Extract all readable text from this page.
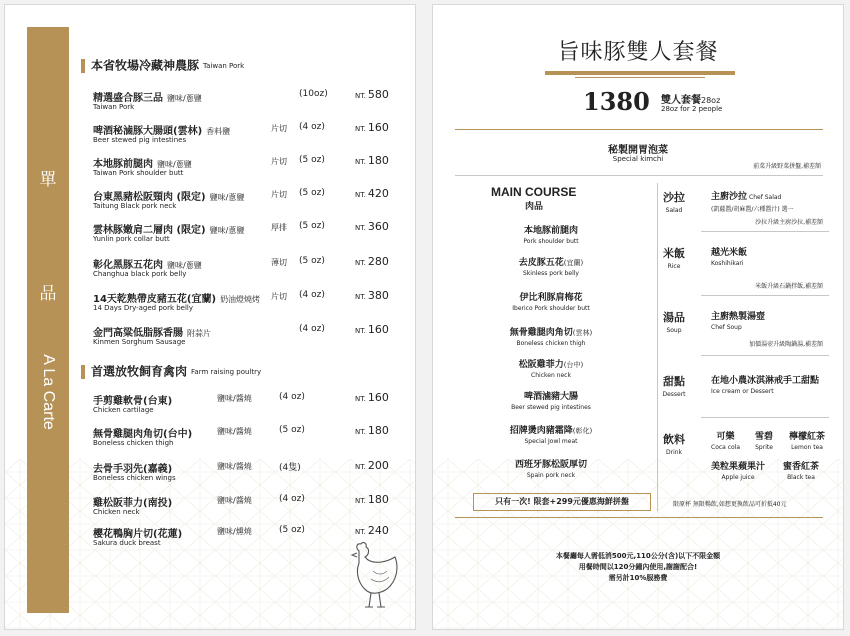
單
品
A La Carte
本省牧場冷藏神農豚 Taiwan Pork
精選盛合豚三品 鹽味/蔥鹽
Taiwan Pork
(10oz)	NT. 580
啤酒秘滷豚大腸頭(雲林) 香料鹽
Beer stewed pig intestines
片切 (4 oz)	NT. 160
本地豚前腿肉 鹽味/蔥鹽
Taiwan Pork shoulder butt
片切 (5 oz)	NT. 180
台東黑豬松阪頸肉 (限定) 鹽味/蔥鹽
Taitung Black pork neck
片切 (5 oz)	NT. 420
雲林豚嫩肩二層肉 (限定) 鹽味/蔥鹽
Yunlin pork collar butt
厚排 (5 oz)	NT. 360
彰化黑豚五花肉 鹽味/蔥鹽
Changhua black pork belly
薄切 (5 oz)	NT. 280
14天乾熟帶皮豬五花(宜蘭) 奶油燈燒烤
14 Days Dry-aged pork belly
片切 (4 oz)	NT. 380
金門高粱低脂豚香腸 附蒜片
Kinmen Sorghum Sausage
(4 oz)	NT. 160
首選放牧飼育禽肉 Farm raising poultry
手剪雞軟骨(台東)
Chicken cartilage
鹽味/醬燒	(4 oz)	NT. 160
無骨雞腿肉角切(台中)
Boneless chicken thigh
鹽味/醬燒	(5 oz)	NT. 180
去骨手羽先(嘉義)
Boneless chicken wings
鹽味/醬燒	(4隻)	NT. 200
雞松阪菲力(南投)
Chicken neck
鹽味/醬燒	(4 oz)	NT. 180
櫻花鴨胸片切(花蓮)
Sakura duck breast
鹽味/燻燒	(5 oz)	NT. 240
旨味豚雙人套餐
1380 雙人套餐28oz
28oz for 2 people
秘製開胃泡菜
Special kimchi
前菜升級野菜拼盤,補差額
MAIN COURSE
肉品
本地豚前腿肉
Pork shoulder butt
去皮豚五花(宜蘭)
Skinless pork belly
伊比利豚肩梅花
Iberico Pork shoulder butt
無骨雞腿肉角切(雲林)
Boneless chicken thigh
松阪雞菲力(台中)
Chicken neck
啤酒滷豬大腸
Beer stewed pig intestines
招牌燙肉豬霜降(彰化)
Special Jowl meat
西班牙豚松阪厚切
Spain pork neck
只有一次! 限套+299元優惠海鮮拼盤
沙拉
Salad
主廚沙拉 Chef Salad
(凱薩醬/胡麻醬/六種醬汁) 選一
沙拉升級主廚沙拉,補差額
米飯
Rice
越光米飯
Koshihikari
米飯升級石鍋拌飯,補差額
湯品
Soup
主廚熱製湯壺
Chef Soup
加價湯壺升級陶鍋湯,補差額
甜點
Dessert
在地小農冰淇淋戒手工甜點
Ice cream or Dessert
飲料
Drink
可樂
Coca cola
雪碧
Sprite
檸檬紅茶
Lemon tea
美粒果蘋果汁
Apple juice
蜜香紅茶
Black tea
限原杯 無限暢飲,如想更換飲品可折抵40元
本餐廳每人需低消500元,110公分(含)以下不限金額
用餐時間以120分鐘內使用,謝謝配合!
需另計10%服務費
